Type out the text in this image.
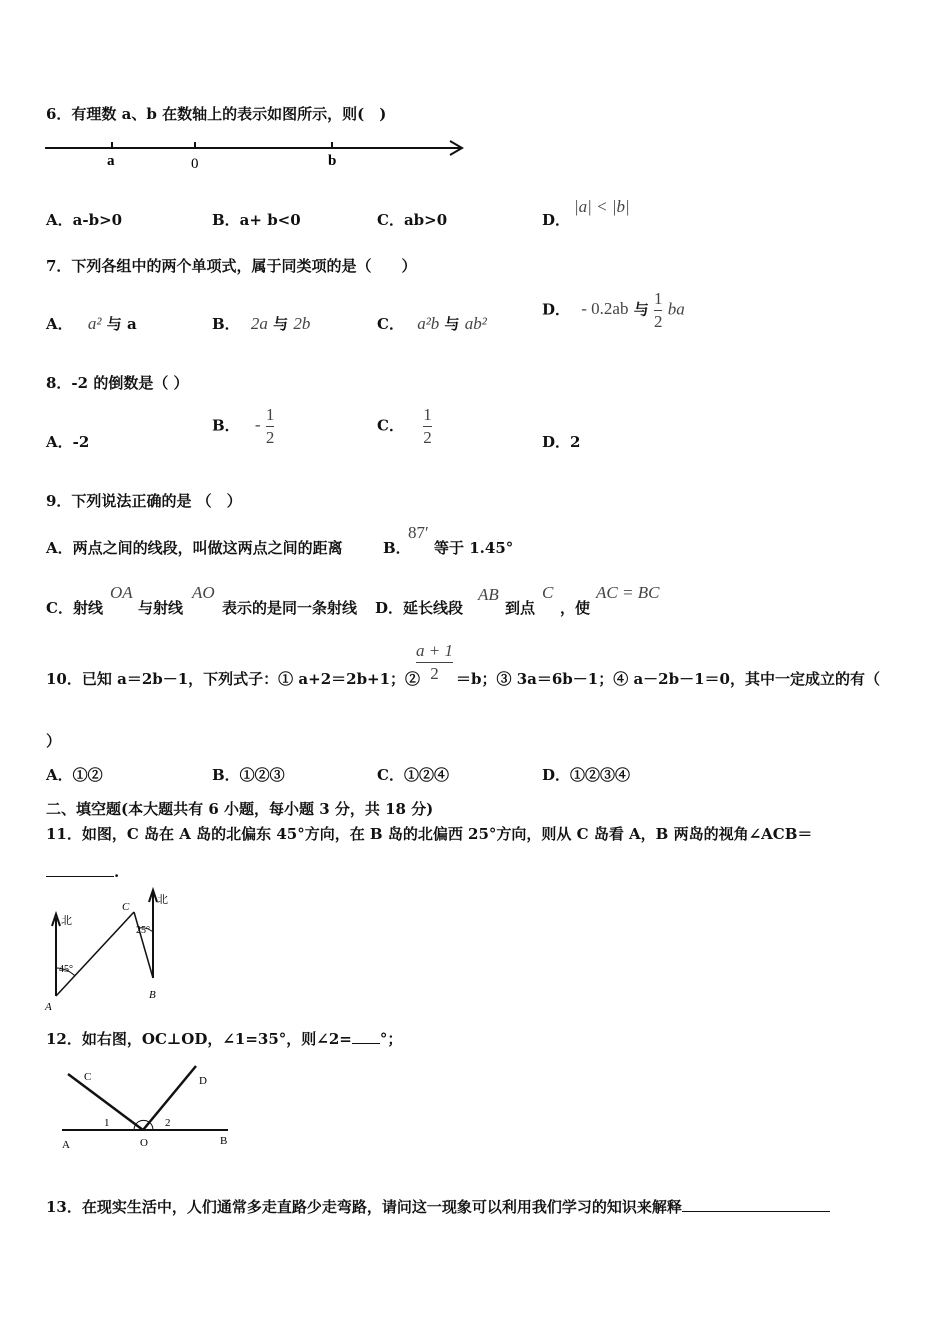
6．有理数 a、b 在数轴上的表示如图所示，则(　)
a	0	b
A．a-b>0	B．a+ b<0	C．ab>0	D．
|a| < |b|
7．下列各组中的两个单项式，属于同类项的是（　　）
A． a² 与 a	B． 2a 与 2b	C． a²b 与 ab²
D． - 0.2ab 与 $\frac{1}{2}$ ba
8．-2 的倒数是（ ）
A．-2
B． - $\frac{1}{2}$	C． $\frac{1}{2}$	D．2
9．下列说法正确的是 （　）
A．两点之间的线段，叫做这两点之间的距离	B．
87′
等于 1.45°
C．射线
OA
与射线
AO
表示的是同一条射线 D．延长线段
AB
到点
C
，使
AC = BC
10．已知 a＝2b－1，下列式子：① a+2＝2b+1；②
a + 1
2 ＝b；③ 3a＝6b－1；④ a－2b－1＝0，其中一定成立的有（
）
A．①②	B．①②③	C．①②④	D．①②③④
二、填空题(本大题共有 6 小题，每小题 3 分，共 18 分)
11．如图，C 岛在 A 岛的北偏东 45°方向，在 B 岛的北偏西 25°方向，则从 C 岛看 A，B 两岛的视角∠ACB＝
.
北
北
45°
25°
A
B
C
12．如右图，OC⊥OD，∠1=35°，则∠2= °；
C	D
A	O	B
1	2
13．在现实生活中，人们通常多走直路少走弯路，请问这一现象可以利用我们学习的知识来解释
